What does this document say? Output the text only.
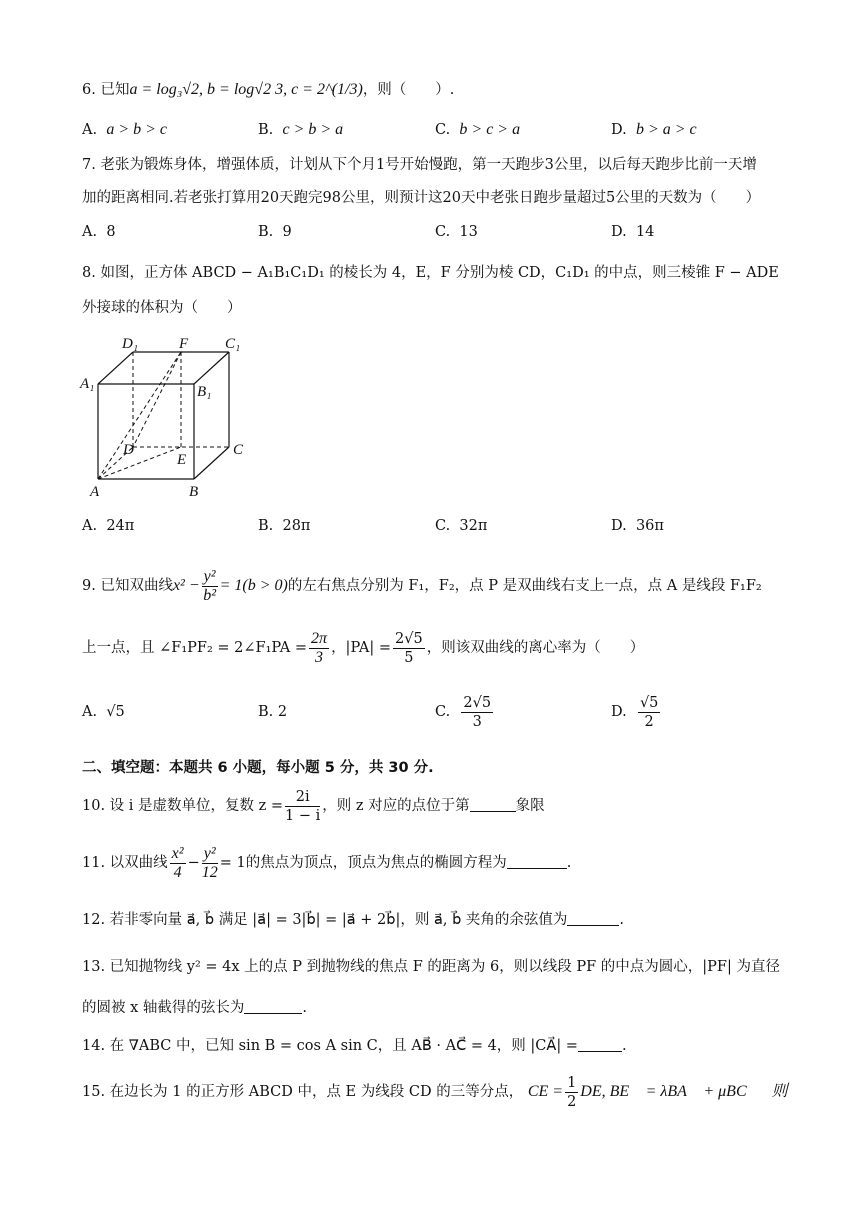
6. 已知a = log₃√2, b = log√2 3, c = 2^(1/3)，则（　　）.
A. a > b > c	B. c > b > a	C. b > c > a	D. b > a > c
7. 老张为锻炼身体，增强体质，计划从下个月1号开始慢跑，第一天跑步3公里，以后每天跑步比前一天增
加的距离相同.若老张打算用20天跑完98公里，则预计这20天中老张日跑步量超过5公里的天数为（　　）
A. 8	B. 9	C. 13	D. 14
8. 如图，正方体 ABCD − A₁B₁C₁D₁ 的棱长为 4，E，F 分别为棱 CD，C₁D₁ 的中点，则三棱锥 F − ADE
外接球的体积为（　　）
D₁	F C₁
A₁	B₁
D
E
C
A	B
A. 24π	B. 28π	C. 32π	D. 36π
9. 已知双曲线$x^2 - \frac{\text{y²}}{\text{b²}} = 1(b > 0)$的左右焦点分别为 F₁，F₂，点 P 是双曲线右支上一点，点 A 是线段 F₁F₂
上一点，且 ∠F₁PF₂ = 2∠F₁PA = $\frac{2\pi}{3}$ ，$|PA| = \frac{2√5}{5}$ ，则该双曲线的离心率为（　　）
A. √5	B. 2	C. $\frac{2√5}{3}$	D. $\frac{√5}{2}$
二、填空题：本题共 6 小题，每小题 5 分，共 30 分.
10. 设 i 是虚数单位，复数 $z = \frac{2i}{1 - i}$ ，则 z 对应的点位于第	象限
11. 以双曲线 $\frac{\text{x²}}{4} - \frac{\text{y²}}{12} = 1$的焦点为顶点，顶点为焦点的椭圆方程为	.
12. 若非零向量 a⃗, b⃗ 满足 |a⃗| = 3|b⃗| = |a⃗ + 2b⃗|，则 a⃗, b⃗ 夹角的余弦值为	.
13. 已知抛物线 y² = 4x 上的点 P 到抛物线的焦点 F 的距离为 6，则以线段 PF 的中点为圆心，|PF| 为直径
的圆被 x 轴截得的弦长为	.
14. 在 ∇ABC 中，已知 sin B = cos A sin C，且 AB⃗ · AC⃗ = 4，则 |CA⃗| =	.
15. 在边长为 1 的正方形 ABCD 中，点 E 为线段 CD 的三等分点， CE = $\frac{1}{2}$ DE, BE⃗ = λBA⃗ + μBC⃗，则
